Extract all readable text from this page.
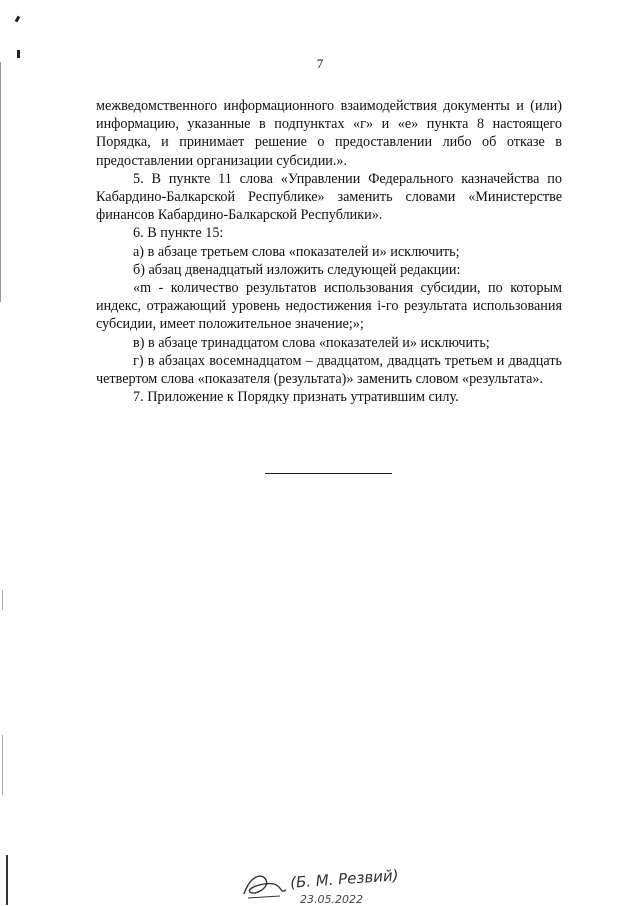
7

межведомственного информационного взаимодействия документы и (или) информацию, указанные в подпунктах «г» и «е» пункта 8 настоящего Порядка, и принимает решение о предоставлении либо об отказе в предоставлении организации субсидии.».

5. В пункте 11 слова «Управлении Федерального казначейства по Кабардино-Балкарской Республике» заменить словами «Министерстве финансов Кабардино-Балкарской Республики».

6. В пункте 15:

а) в абзаце третьем слова «показателей и» исключить;

б) абзац двенадцатый изложить следующей редакции:

«m - количество результатов использования субсидии, по которым индекс, отражающий уровень недостижения i-го результата использования субсидии, имеет положительное значение;»;

в) в абзаце тринадцатом слова «показателей и» исключить;

г) в абзацах восемнадцатом – двадцатом, двадцать третьем и двадцать четвертом слова «показателя (результата)» заменить словом «результата».

7. Приложение к Порядку признать утратившим силу.

(Б. М. Резвий)
23.05.2022
